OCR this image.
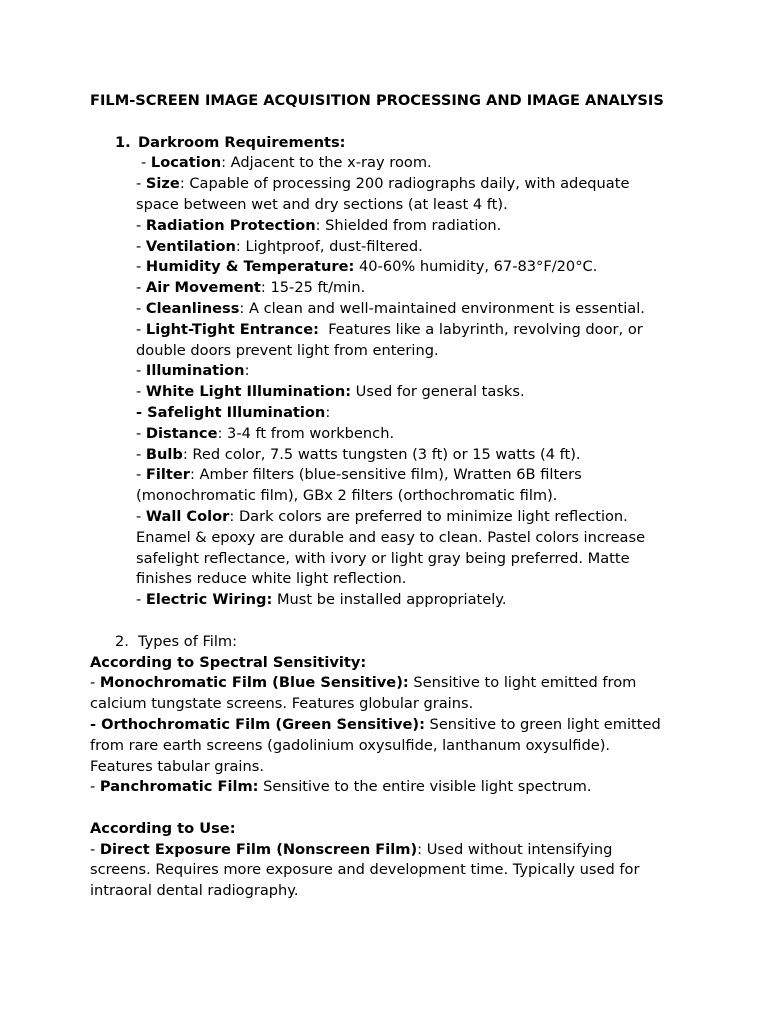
FILM-SCREEN IMAGE ACQUISITION PROCESSING AND IMAGE ANALYSIS
1. Darkroom Requirements:
- Location: Adjacent to the x-ray room.
- Size: Capable of processing 200 radiographs daily, with adequate space between wet and dry sections (at least 4 ft).
- Radiation Protection: Shielded from radiation.
- Ventilation: Lightproof, dust-filtered.
- Humidity & Temperature: 40-60% humidity, 67-83°F/20°C.
- Air Movement: 15-25 ft/min.
- Cleanliness: A clean and well-maintained environment is essential.
- Light-Tight Entrance:  Features like a labyrinth, revolving door, or double doors prevent light from entering.
- Illumination:
- White Light Illumination: Used for general tasks.
- Safelight Illumination:
- Distance: 3-4 ft from workbench.
- Bulb: Red color, 7.5 watts tungsten (3 ft) or 15 watts (4 ft).
- Filter: Amber filters (blue-sensitive film), Wratten 6B filters (monochromatic film), GBx 2 filters (orthochromatic film).
- Wall Color: Dark colors are preferred to minimize light reflection. Enamel & epoxy are durable and easy to clean. Pastel colors increase safelight reflectance, with ivory or light gray being preferred. Matte finishes reduce white light reflection.
- Electric Wiring: Must be installed appropriately.
2. Types of Film:
According to Spectral Sensitivity:
- Monochromatic Film (Blue Sensitive): Sensitive to light emitted from calcium tungstate screens. Features globular grains.
- Orthochromatic Film (Green Sensitive): Sensitive to green light emitted from rare earth screens (gadolinium oxysulfide, lanthanum oxysulfide). Features tabular grains.
- Panchromatic Film: Sensitive to the entire visible light spectrum.
According to Use:
- Direct Exposure Film (Nonscreen Film): Used without intensifying screens. Requires more exposure and development time. Typically used for intraoral dental radiography.
